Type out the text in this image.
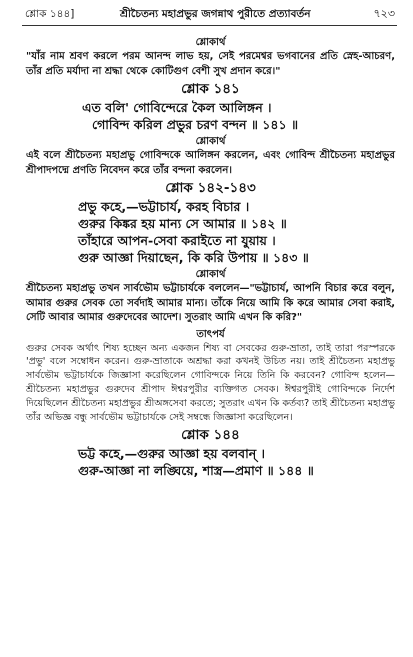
শ্লোক ১৪৪]	শ্রীচৈতন্য মহাপ্রভুর জগন্নাথ পুরীতে প্রত্যাবর্তন	৭২৩
শ্লোকার্থ
"যাঁর নাম শ্রবণ করলে পরম আনন্দ লাভ হয়, সেই পরমেশ্বর ভগবানের প্রতি স্নেহ-আচরণ, তাঁর প্রতি মর্যাদা না শ্রদ্ধা থেকে কোটিগুণ বেশী সুখ প্রদান করে।"
শ্লোক ১৪১
এত বলি' গোবিন্দেরে কৈল আলিঙ্গন ।
গোবিন্দ করিল প্রভুর চরণ বন্দন ॥ ১৪১ ॥
শ্লোকার্থ
এই বলে শ্রীচৈতন্য মহাপ্রভু গোবিন্দকে আলিঙ্গন করলেন, এবং গোবিন্দ শ্রীচৈতন্য মহাপ্রভুর শ্রীপাদপদ্মে প্রণতি নিবেদন করে তাঁর বন্দনা করলেন।
শ্লোক ১৪২-১৪৩
প্রভু কহে,—ভট্টাচার্য, করহ বিচার ।
গুরুর কিঙ্কর হয় মান্য সে আমার ॥ ১৪২ ॥
তাঁহারে আপন-সেবা করাইতে না যুয়ায় ।
গুরু আজ্ঞা দিয়াছেন, কি করি উপায় ॥ ১৪৩ ॥
শ্লোকার্থ
শ্রীচৈতন্য মহাপ্রভু তখন সার্বভৌম ভট্টাচার্যকে বললেন—"ভট্টাচার্য, আপনি বিচার করে বলুন, আমার গুরুর সেবক তো সর্বদাই আমার মান্য। তাঁকে নিয়ে আমি কি করে আমার সেবা করাই, সেটি আবার আমার গুরুদেবের আদেশ। সুতরাং আমি এখন কি করি?"
তাৎপর্য
গুরুর সেবক অর্থাৎ শিষ্য হচ্ছেন অন্য একজন শিষ্য বা সেবকের গুরু-ভ্রাতা, তাই তারা পরস্পরকে 'প্রভু' বলে সম্বোধন করেন। গুরু-ভ্রাতাকে অশ্রদ্ধা করা কখনই উচিত নয়। তাই শ্রীচৈতন্য মহাপ্রভু সার্বভৌম ভট্টাচার্যকে জিজ্ঞাসা করেছিলেন গোবিন্দকে নিয়ে তিনি কি করবেন? গোবিন্দ হলেন—শ্রীচৈতন্য মহাপ্রভুর গুরুদেব শ্রীপাদ ঈশ্বরপুরীর ব্যক্তিগত সেবক। ঈশ্বরপুরীই গোবিন্দকে নির্দেশ দিয়েছিলেন শ্রীচৈতন্য মহাপ্রভুর শ্রীঅঙ্গসেবা করতে; সুতরাং এখন কি কর্তব্য? তাই শ্রীচৈতন্য মহাপ্রভু তাঁর অভিজ্ঞ বন্ধু সার্বভৌম ভট্টাচার্যকে সেই সম্বন্ধে জিজ্ঞাসা করেছিলেন।
শ্লোক ১৪৪
ভট্ট কহে,—গুরুর আজ্ঞা হয় বলবান্ ।
গুরু-আজ্ঞা না লঙ্ঘিয়ে, শাস্ত্র—প্রমাণ ॥ ১৪৪ ॥
